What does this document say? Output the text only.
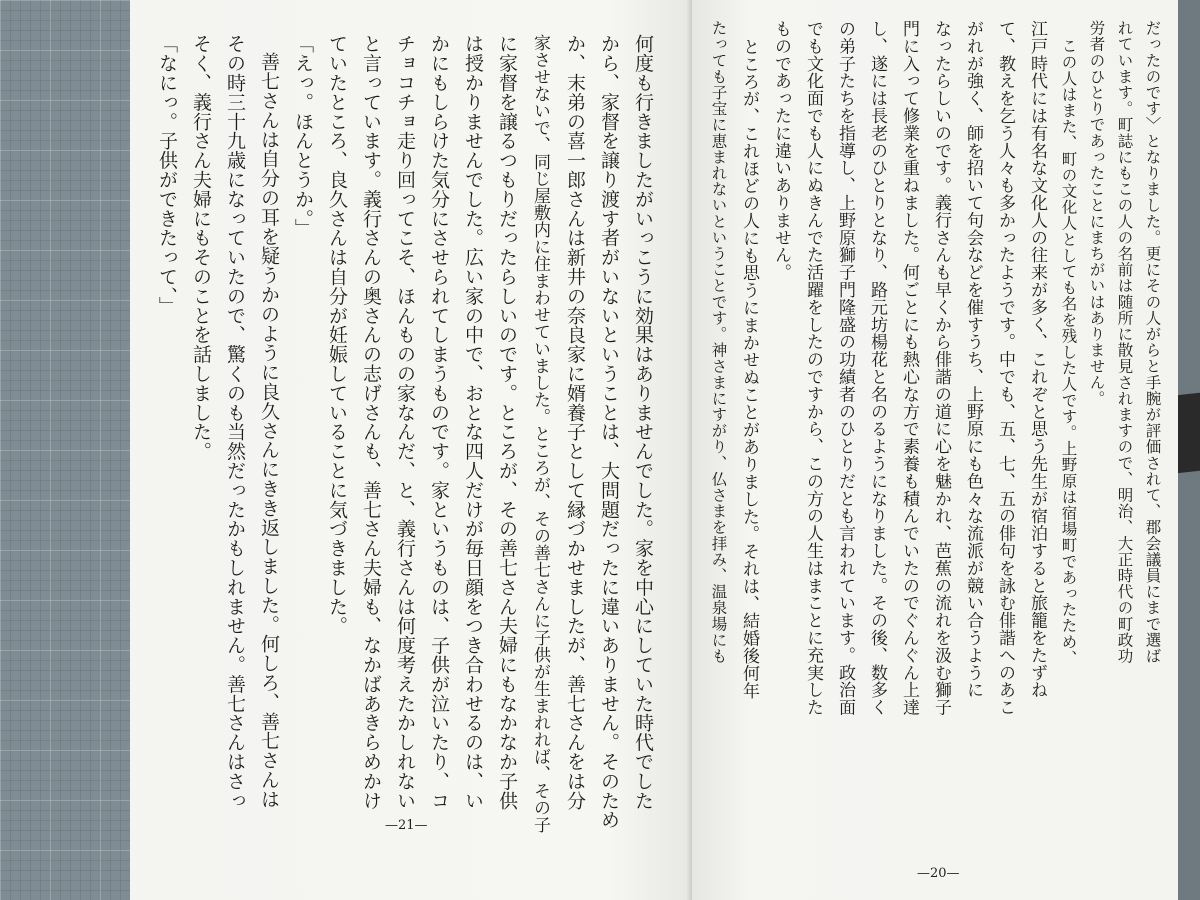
何度も行きましたがいっこうに効果はありませんでした。家を中心にしていた時代でした
から、家督を譲り渡す者がいないということは、大問題だったに違いありません。そのため
か、末弟の喜一郎さんは新井の奈良家に婿養子として縁づかせましたが、善七さんをは分
家させないで、同じ屋敷内に住まわせていました。ところが、その善七さんに子供が生まれれば、その子
に家督を譲るつもりだったらしいのです。ところが、その善七さん夫婦にもなかなか子供
は授かりませんでした。広い家の中で、おとな四人だけが毎日顔をつき合わせるのは、い
かにもしらけた気分にさせられてしまうものです。家というものは、子供が泣いたり、コ
チョコチョ走り回ってこそ、ほんものの家なんだ、と、義行さんは何度考えたかしれない
と言っています。義行さんの奥さんの志げさんも、善七さん夫婦も、なかばあきらめかけ
ていたところ、良久さんは自分が妊娠していることに気づきました。
「えっ。ほんとうか。」
善七さんは自分の耳を疑うかのように良久さんにきき返しました。何しろ、善七さんは
その時三十九歳になっていたので、驚くのも当然だったかもしれません。善七さんはさっ
そく、義行さん夫婦にもそのことを話しました。
「なにっ。子供ができたって、」
—21—
だったのです〉となりました。更にその人がらと手腕が評価されて、郡会議員にまで選ば
れています。町誌にもこの人の名前は随所に散見されますので、明治、大正時代の町政功
労者のひとりであったことにまちがいはありません。
この人はまた、町の文化人としても名を残した人です。上野原は宿場町であったため、
江戸時代には有名な文化人の往来が多く、これぞと思う先生が宿泊すると旅籠をたずね
て、教えを乞う人々も多かったようです。中でも、五、七、五の俳句を詠む俳諧へのあこ
がれが強く、師を招いて句会などを催すうち、上野原にも色々な流派が競い合うように
なったらしいのです。義行さんも早くから俳諧の道に心を魅かれ、芭蕉の流れを汲む獅子
門に入って修業を重ねました。何ごとにも熱心な方で素養も積んでいたのでぐんぐん上達
し、遂には長老のひとりとなり、路元坊楊花と名のるようになりました。その後、数多く
の弟子たちを指導し、上野原獅子門隆盛の功績者のひとりだとも言われています。政治面
でも文化面でも人にぬきんでた活躍をしたのですから、この方の人生はまことに充実した
ものであったに違いありません。
ところが、これほどの人にも思うにまかせぬことがありました。それは、結婚後何年
たっても子宝に恵まれないということです。神さまにすがり、仏さまを拝み、温泉場にも
—20—
